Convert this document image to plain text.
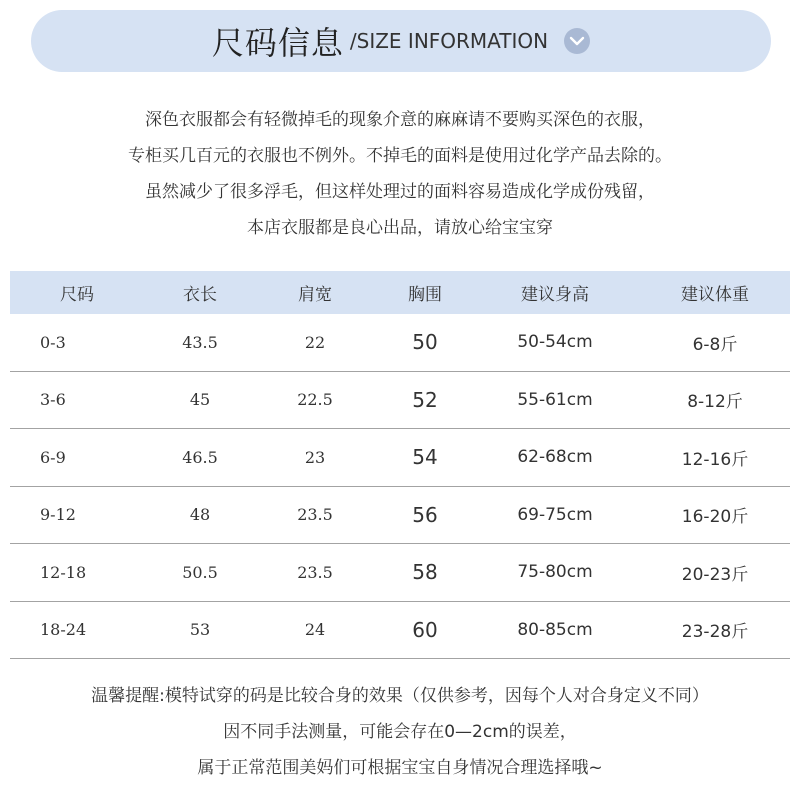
尺码信息 /SIZE INFORMATION
深色衣服都会有轻微掉毛的现象介意的麻麻请不要购买深色的衣服，
专柜买几百元的衣服也不例外。不掉毛的面料是使用过化学产品去除的。
虽然减少了很多浮毛，但这样处理过的面料容易造成化学成份残留，
本店衣服都是良心出品，请放心给宝宝穿
尺码	衣长	肩宽	胸围	建议身高	建议体重
0-3	43.5	22	50	50-54cm	6-8斤
3-6	45	22.5	52	55-61cm	8-12斤
6-9	46.5	23	54	62-68cm	12-16斤
9-12	48	23.5	56	69-75cm	16-20斤
12-18	50.5	23.5	58	75-80cm	20-23斤
18-24	53	24	60	80-85cm	23-28斤
温馨提醒:模特试穿的码是比较合身的效果（仅供参考，因每个人对合身定义不同）
因不同手法测量，可能会存在0—2cm的误差，
属于正常范围美妈们可根据宝宝自身情况合理选择哦~
